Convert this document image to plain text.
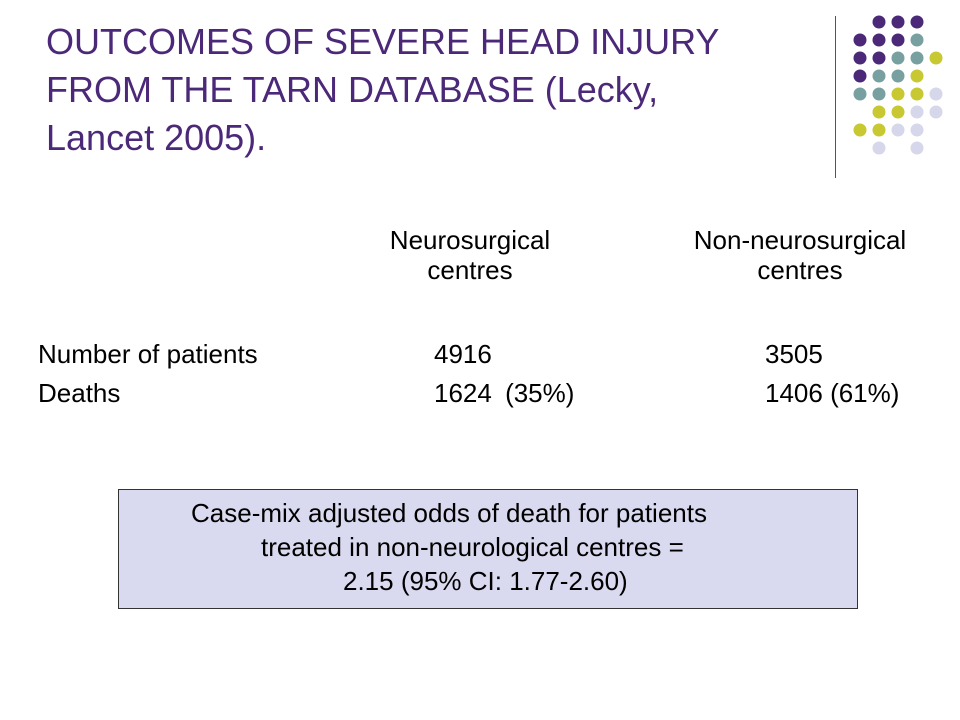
OUTCOMES OF SEVERE HEAD INJURY
FROM THE TARN DATABASE (Lecky,
Lancet 2005).
Neurosurgical
centres
Non-neurosurgical
centres
Number of patients	4916	3505
Deaths	1624 (35%)	1406 (61%)
Case-mix adjusted odds of death for patients
treated in non-neurological centres =
2.15 (95% CI: 1.77-2.60)
